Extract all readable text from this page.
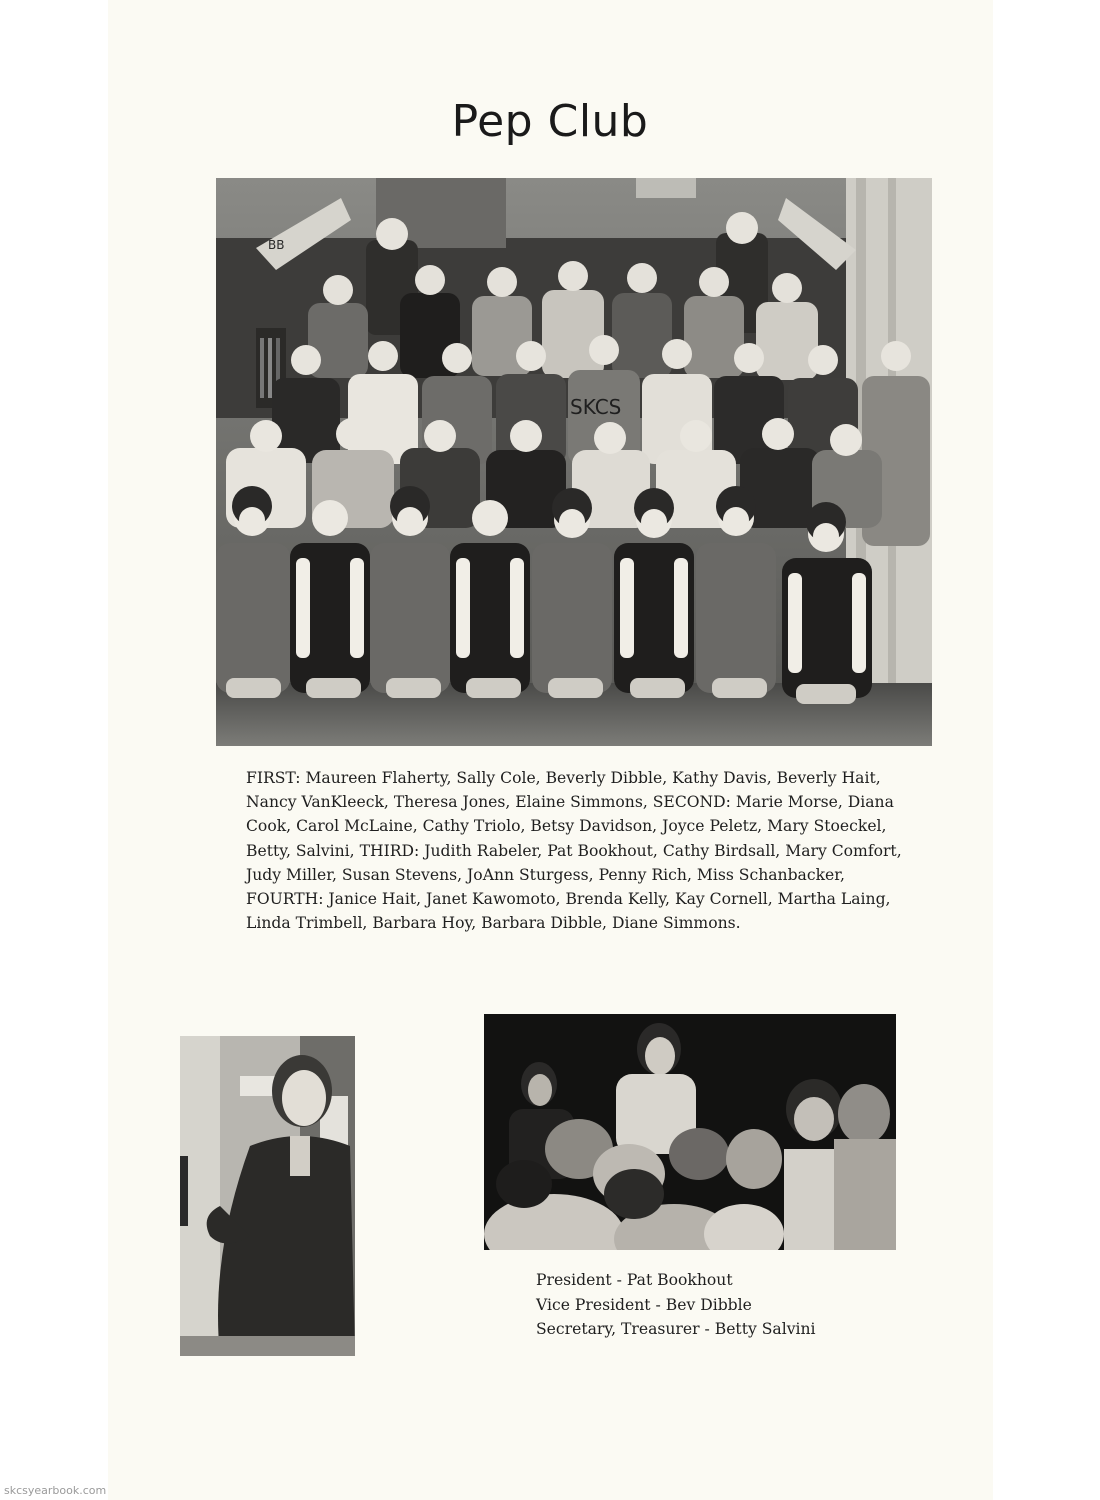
Pep Club
SKCS
BB

FIRST: Maureen Flaherty, Sally Cole, Beverly Dibble, Kathy Davis, Beverly Hait, Nancy VanKleeck, Theresa Jones, Elaine Simmons, SECOND: Marie Morse, Diana Cook, Carol McLaine, Cathy Triolo, Betsy Davidson, Joyce Peletz, Mary Stoeckel, Betty, Salvini, THIRD: Judith Rabeler, Pat Bookhout, Cathy Birdsall, Mary Comfort, Judy Miller, Susan Stevens, JoAnn Sturgess, Penny Rich, Miss Schanbacker, FOURTH: Janice Hait, Janet Kawomoto, Brenda Kelly, Kay Cornell, Martha Laing, Linda Trimbell, Barbara Hoy, Barbara Dibble, Diane Simmons.

President - Pat Bookhout
Vice President - Bev Dibble
Secretary, Treasurer - Betty Salvini
skcsyearbook.com
